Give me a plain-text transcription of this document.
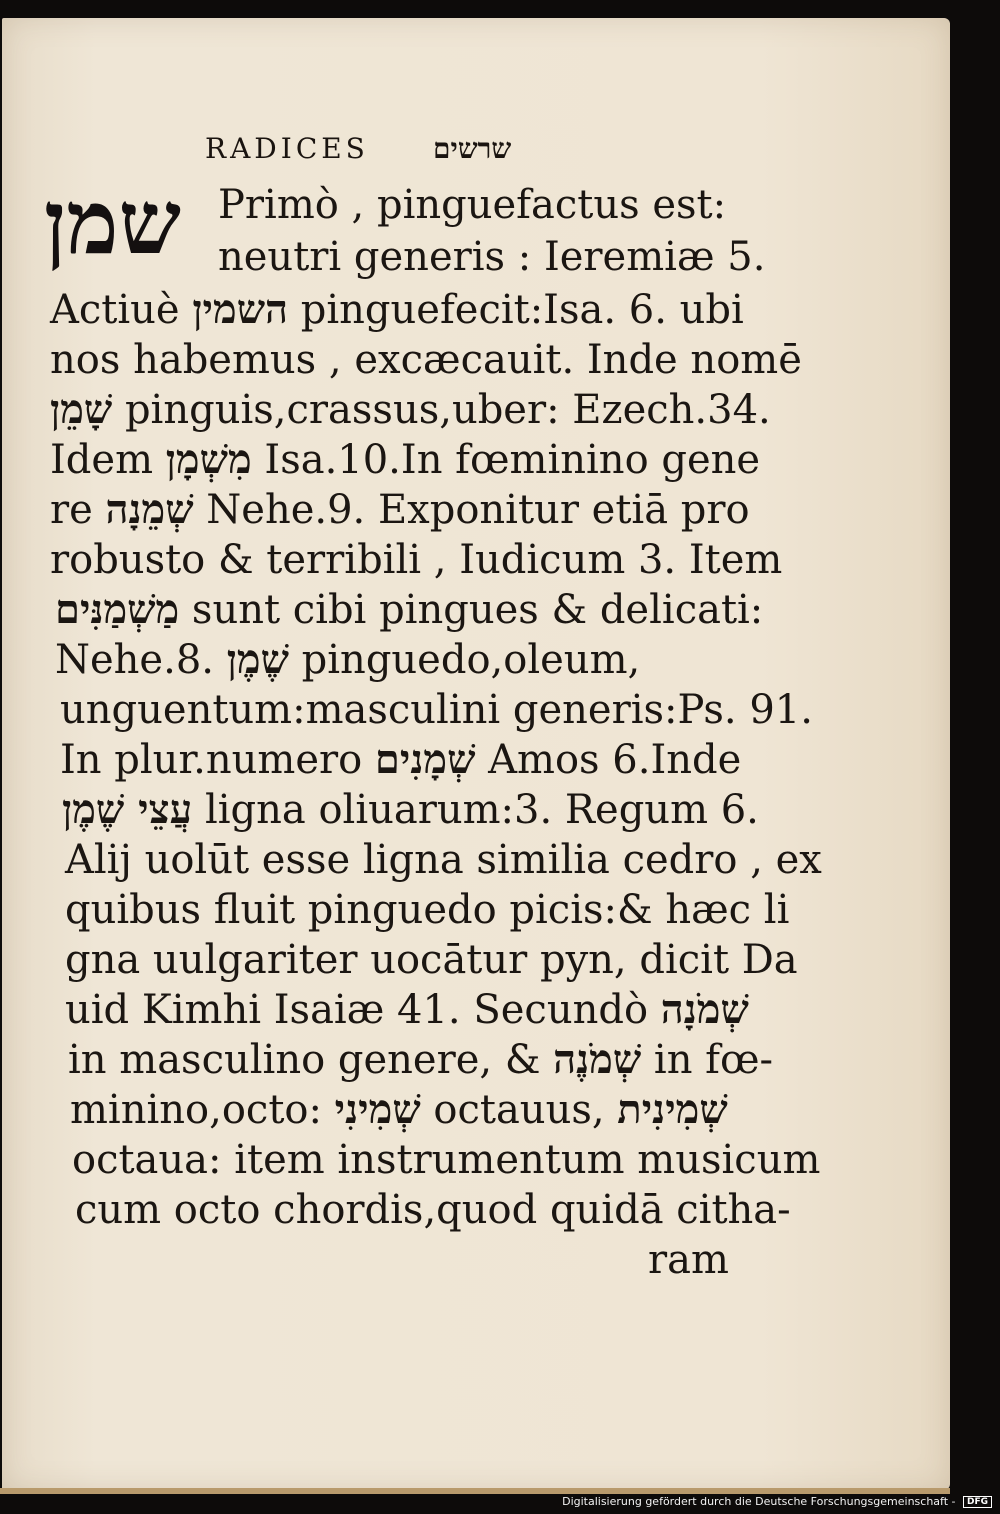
RADICES שרשים
שמן Primò , pinguefactus est:
neutri generis : Ieremiæ 5.
Actiuè השמין pinguefecit:Isa. 6. ubi
nos habemus , excæcauit. Inde nomē
שָׁמֵן pinguis,crassus,uber: Ezech.34.
Idem מִשְׁמָן Isa.10.In fœminino gene
re שְׁמֵנָה Nehe.9. Exponitur etiā pro
robusto & terribili , Iudicum 3. Item
מַשְׁמַנִּים sunt cibi pingues & delicati:
Nehe.8. שֶׁמֶן pinguedo,oleum,
unguentum:masculini generis:Ps. 91.
In plur.numero שְׁמָנִים Amos 6.Inde
עֲצֵי שֶׁמֶן ligna oliuarum:3. Regum 6.
Alij uolūt esse ligna similia cedro , ex
quibus fluit pinguedo picis:& hæc li
gna uulgariter uocātur pyn, dicit Da
uid Kimhi Isaiæ 41. Secundò שְׁמֹנָה
in masculino genere, & שְׁמֹנֶה in fœ-
minino,octo: שְׁמִינִי octauus, שְׁמִינִית
octaua: item instrumentum musicum
cum octo chordis,quod quidā citha-
ram
Digitalisierung gefördert durch die Deutsche Forschungsgemeinschaft - DFG
